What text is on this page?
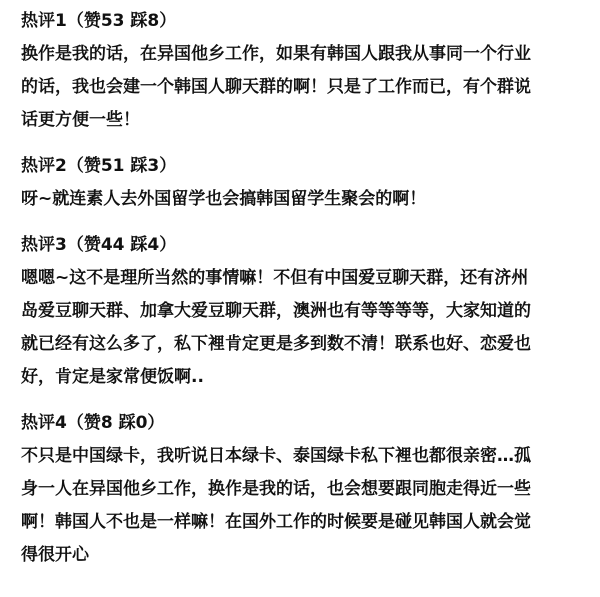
热评1（赞53 踩8）
换作是我的话，在异国他乡工作，如果有韩国人跟我从事同一个行业
的话，我也会建一个韩国人聊天群的啊！只是了工作而已，有个群说
话更方便一些！
热评2（赞51 踩3）
呀~就连素人去外国留学也会搞韩国留学生聚会的啊！
热评3（赞44 踩4）
嗯嗯~这不是理所当然的事情嘛！不但有中国爱豆聊天群，还有济州
岛爱豆聊天群、加拿大爱豆聊天群，澳洲也有等等等等，大家知道的
就已经有这么多了，私下裡肯定更是多到数不清！联系也好、恋爱也
好，肯定是家常便饭啊..
热评4（赞8 踩0）
不只是中国绿卡，我听说日本绿卡、泰国绿卡私下裡也都很亲密…孤
身一人在异国他乡工作，换作是我的话，也会想要跟同胞走得近一些
啊！韩国人不也是一样嘛！在国外工作的时候要是碰见韩国人就会觉
得很开心
